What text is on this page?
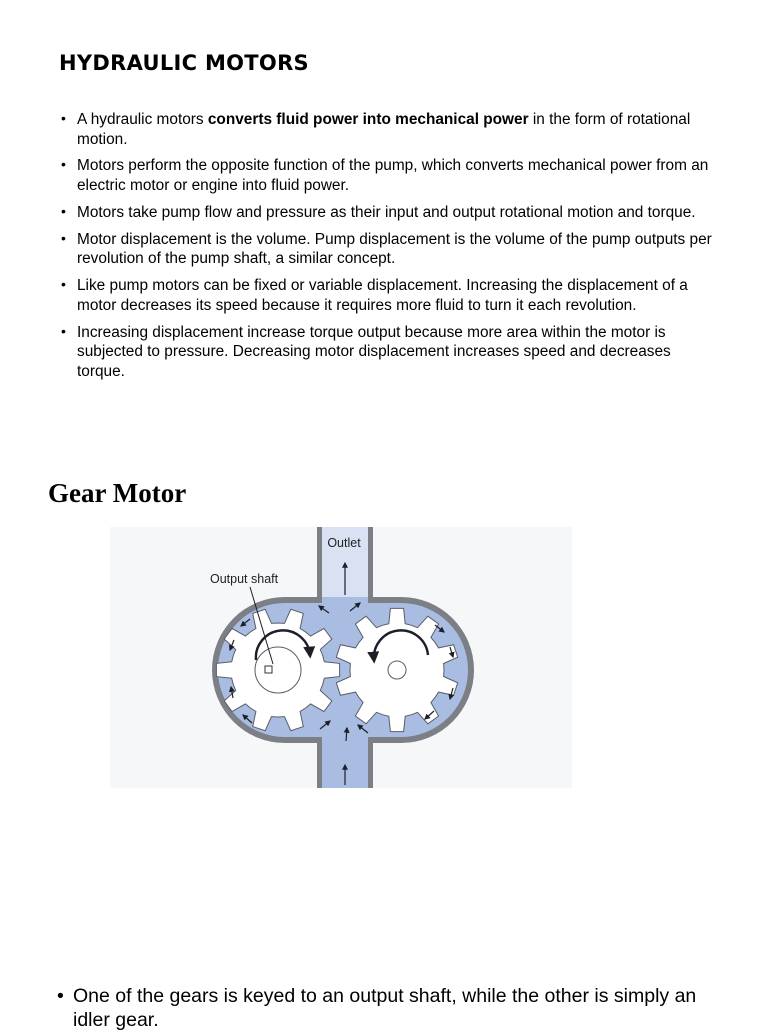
HYDRAULIC MOTORS
• A hydraulic motors converts fluid power into mechanical power in the form of rotational motion.
• Motors perform the opposite function of the pump, which converts mechanical power from an electric motor or engine into fluid power.
• Motors take pump flow and pressure as their input and output rotational motion and torque.
• Motor displacement is the volume. Pump displacement is the volume of the pump outputs per revolution of the pump shaft, a similar concept.
• Like pump motors can be fixed or variable displacement. Increasing the displacement of a motor decreases its speed because it requires more fluid to turn it each revolution.
• Increasing displacement increase torque output because more area within the motor is subjected to pressure. Decreasing motor displacement increases speed and decreases torque.
Gear Motor
Outlet
Output shaft
• One of the gears is keyed to an output shaft, while the other is simply an idler gear.
